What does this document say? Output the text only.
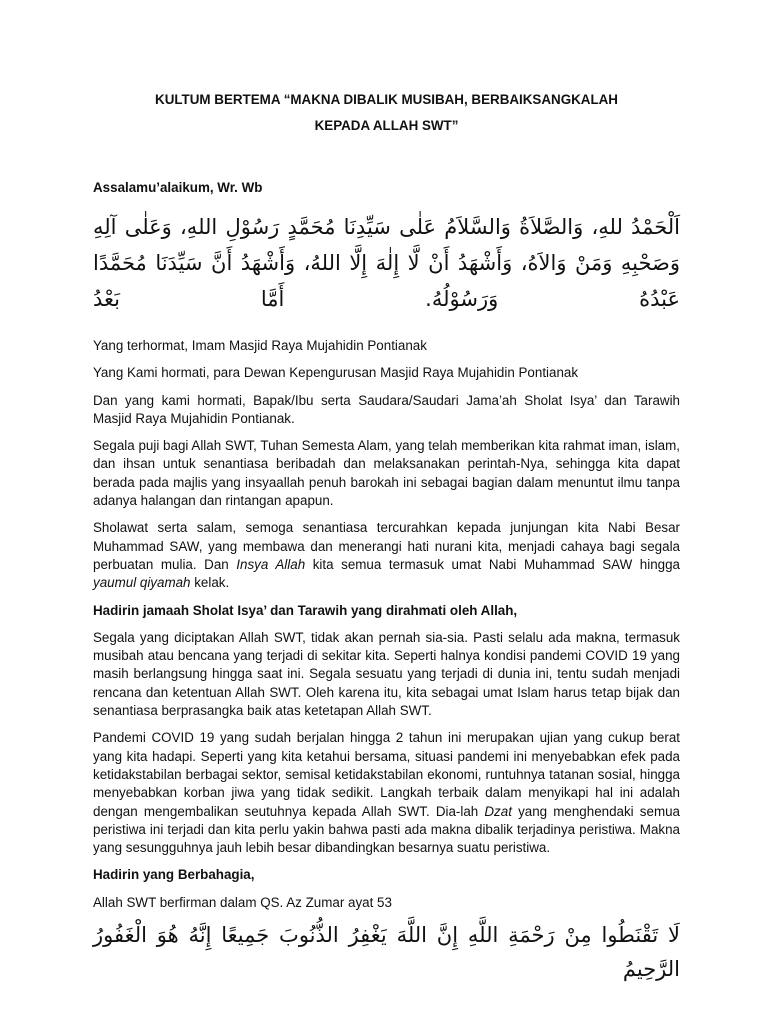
KULTUM BERTEMA “MAKNA DIBALIK MUSIBAH, BERBAIKSANGKALAH
KEPADA ALLAH SWT”
Assalamu’alaikum, Wr. Wb
اَلْحَمْدُ للهِ، وَالصَّلاَةُ وَالسَّلاَمُ عَلٰى سَيِّدِنَا مُحَمَّدٍ رَسُوْلِ اللهِ، وَعَلٰى آلِهِ وَصَحْبِهِ وَمَنْ وَالاَهُ، وَأَشْهَدُ أَنْ لَّا إِلٰهَ إِلَّا اللهُ، وَأَشْهَدُ أَنَّ سَيِّدَنَا مُحَمَّدًا عَبْدُهُ وَرَسُوْلُهُ. أَمَّا بَعْدُ

Yang terhormat, Imam Masjid Raya Mujahidin Pontianak

Yang Kami hormati, para Dewan Kepengurusan Masjid Raya Mujahidin Pontianak

Dan yang kami hormati, Bapak/Ibu serta Saudara/Saudari Jama’ah Sholat Isya’ dan Tarawih Masjid Raya Mujahidin Pontianak.

Segala puji bagi Allah SWT, Tuhan Semesta Alam, yang telah memberikan kita rahmat iman, islam, dan ihsan untuk senantiasa beribadah dan melaksanakan perintah-Nya, sehingga kita dapat berada pada majlis yang insyaallah penuh barokah ini sebagai bagian dalam menuntut ilmu tanpa adanya halangan dan rintangan apapun.

Sholawat serta salam, semoga senantiasa tercurahkan kepada junjungan kita Nabi Besar Muhammad SAW, yang membawa dan menerangi hati nurani kita, menjadi cahaya bagi segala perbuatan mulia. Dan Insya Allah kita semua termasuk umat Nabi Muhammad SAW hingga yaumul qiyamah kelak.

Hadirin jamaah Sholat Isya’ dan Tarawih yang dirahmati oleh Allah,

Segala yang diciptakan Allah SWT, tidak akan pernah sia-sia. Pasti selalu ada makna, termasuk musibah atau bencana yang terjadi di sekitar kita. Seperti halnya kondisi pandemi COVID 19 yang masih berlangsung hingga saat ini. Segala sesuatu yang terjadi di dunia ini, tentu sudah menjadi rencana dan ketentuan Allah SWT. Oleh karena itu, kita sebagai umat Islam harus tetap bijak dan senantiasa berprasangka baik atas ketetapan Allah SWT.

Pandemi COVID 19 yang sudah berjalan hingga 2 tahun ini merupakan ujian yang cukup berat yang kita hadapi. Seperti yang kita ketahui bersama, situasi pandemi ini menyebabkan efek pada ketidakstabilan berbagai sektor, semisal ketidakstabilan ekonomi, runtuhnya tatanan sosial, hingga menyebabkan korban jiwa yang tidak sedikit. Langkah terbaik dalam menyikapi hal ini adalah dengan mengembalikan seutuhnya kepada Allah SWT. Dia-lah Dzat yang menghendaki semua peristiwa ini terjadi dan kita perlu yakin bahwa pasti ada makna dibalik terjadinya peristiwa. Makna yang sesungguhnya jauh lebih besar dibandingkan besarnya suatu peristiwa.

Hadirin yang Berbahagia,

Allah SWT berfirman dalam QS. Az Zumar ayat 53

لَا تَقْنَطُوا مِنْ رَحْمَةِ اللَّهِ إِنَّ اللَّهَ يَغْفِرُ الذُّنُوبَ جَمِيعًا إِنَّهُ هُوَ الْغَفُورُ الرَّحِيمُ
